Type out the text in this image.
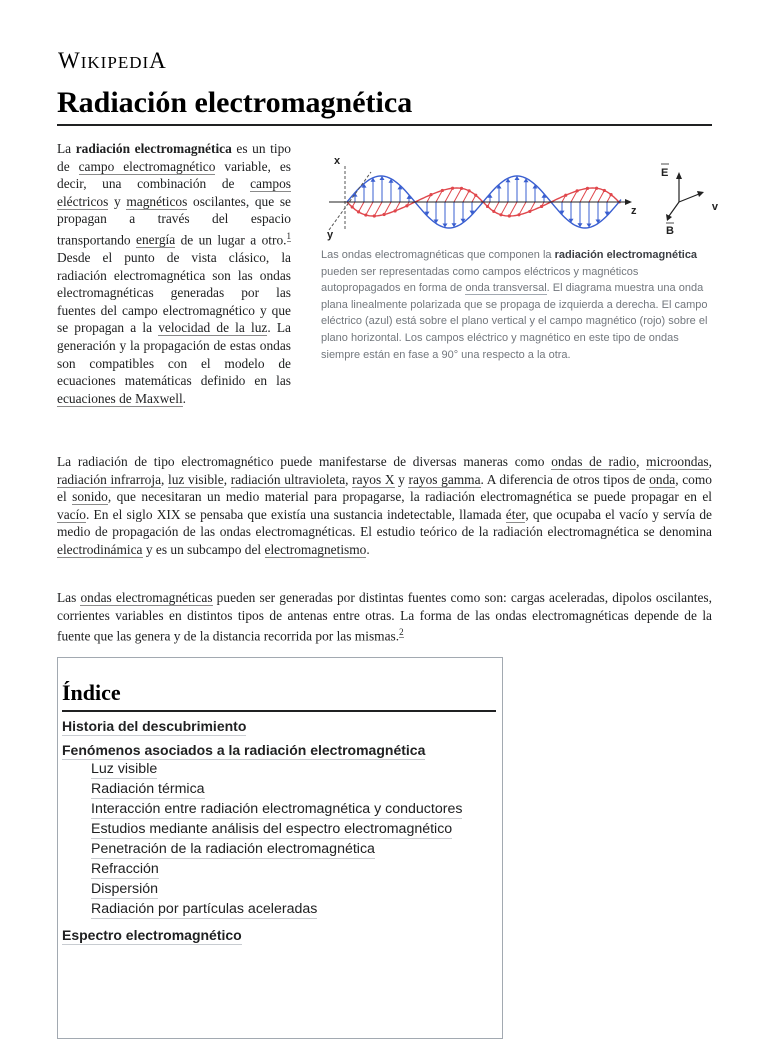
WIKIPEDIA
Radiación electromagnética

La radiación electromagnética es un tipo de campo electromagnético variable, es decir, una combinación de campos eléctricos y magnéticos oscilantes, que se propagan a través del espacio transportando energía de un lugar a otro.$^1$ Desde el punto de vista clásico, la radiación electromagnética son las ondas electromagnéticas generadas por las fuentes del campo electromagnético y que se propagan a la velocidad de la luz. La generación y la propagación de estas ondas son compatibles con el modelo de ecuaciones matemáticas definido en las ecuaciones de Maxwell.

x
y
z
E
v
B

Las ondas electromagnéticas que componen la radiación electromagnética pueden ser representadas como campos eléctricos y magnéticos autopropagados en forma de onda transversal. El diagrama muestra una onda plana linealmente polarizada que se propaga de izquierda a derecha. El campo eléctrico (azul) está sobre el plano vertical y el campo magnético (rojo) sobre el plano horizontal. Los campos eléctrico y magnético en este tipo de ondas siempre están en fase a 90° una respecto a la otra.

La radiación de tipo electromagnético puede manifestarse de diversas maneras como ondas de radio, microondas, radiación infrarroja, luz visible, radiación ultravioleta, rayos X y rayos gamma. A diferencia de otros tipos de onda, como el sonido, que necesitaran un medio material para propagarse, la radiación electromagnética se puede propagar en el vacío. En el siglo XIX se pensaba que existía una sustancia indetectable, llamada éter, que ocupaba el vacío y servía de medio de propagación de las ondas electromagnéticas. El estudio teórico de la radiación electromagnética se denomina electrodinámica y es un subcampo del electromagnetismo.

Las ondas electromagnéticas pueden ser generadas por distintas fuentes como son: cargas aceleradas, dipolos oscilantes, corrientes variables en distintos tipos de antenas entre otras. La forma de las ondas electromagnéticas depende de la fuente que las genera y de la distancia recorrida por las mismas.$^2$

Índice
Historia del descubrimiento
Fenómenos asociados a la radiación electromagnética
Luz visible
Radiación térmica
Interacción entre radiación electromagnética y conductores
Estudios mediante análisis del espectro electromagnético
Penetración de la radiación electromagnética
Refracción
Dispersión
Radiación por partículas aceleradas
Espectro electromagnético
